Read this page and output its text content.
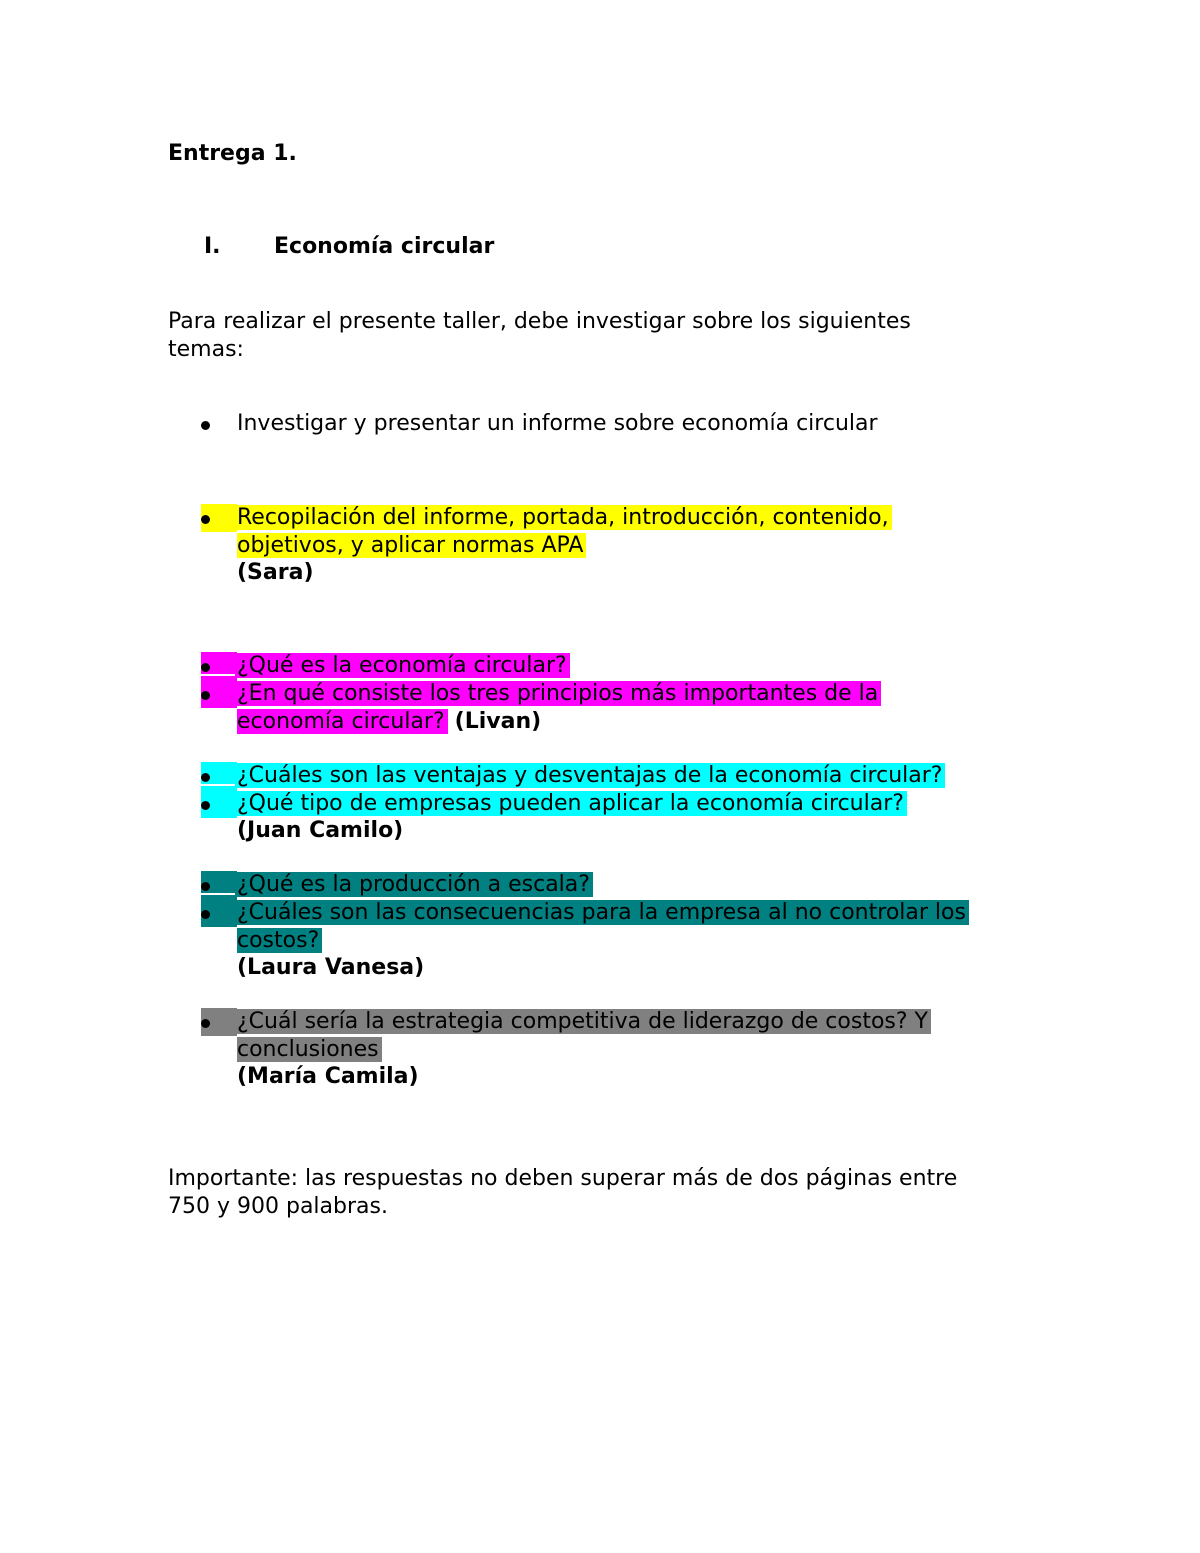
Entrega 1.
I. Economía circular
Para realizar el presente taller, debe investigar sobre los siguientes
temas:
Investigar y presentar un informe sobre economía circular
Recopilación del informe, portada, introducción, contenido,
objetivos, y aplicar normas APA
(Sara)
¿Qué es la economía circular?
¿En qué consiste los tres principios más importantes de la
economía circular? (Livan)
¿Cuáles son las ventajas y desventajas de la economía circular?
¿Qué tipo de empresas pueden aplicar la economía circular?
(Juan Camilo)
¿Qué es la producción a escala?
¿Cuáles son las consecuencias para la empresa al no controlar los
costos?
(Laura Vanesa)
¿Cuál sería la estrategia competitiva de liderazgo de costos? Y
conclusiones
(María Camila)
Importante: las respuestas no deben superar más de dos páginas entre
750 y 900 palabras.
